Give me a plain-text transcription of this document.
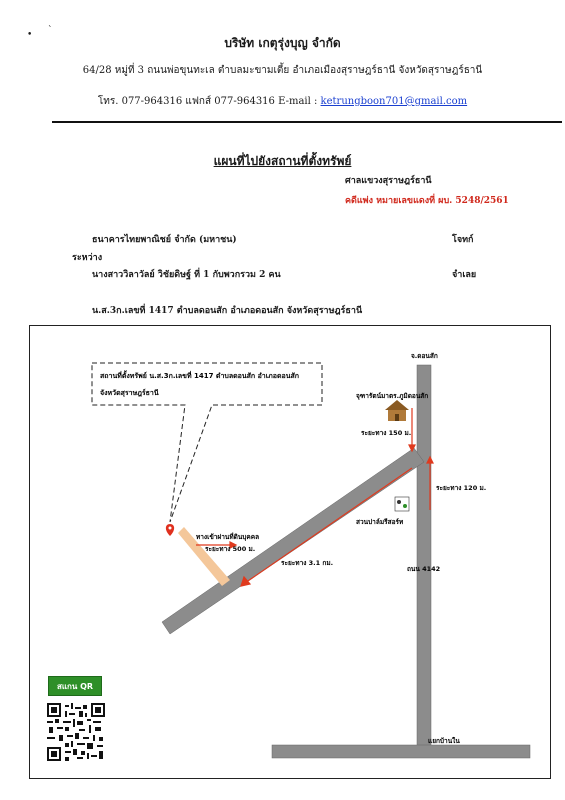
บริษัท เกตุรุ่งบุญ จำกัด
64/28 หมู่ที่ 3 ถนนพ่อขุนทะเล ตำบลมะขามเตี้ย อำเภอเมืองสุราษฎร์ธานี จังหวัดสุราษฎร์ธานี
โทร. 077-964316 แฟกส์ 077-964316 E-mail : ketrungboon701@gmail.com
• ˋ
แผนที่ไปยังสถานที่ตั้งทรัพย์
ศาลแขวงสุราษฎร์ธานี
คดีแพ่ง หมายเลขแดงที่ ผบ. 5248/2561
ธนาคารไทยพาณิชย์ จำกัด (มหาชน)	โจทก์
ระหว่าง
นางสาววิลาวัลย์ วิชัยดิษฐ์ ที่ 1 กับพวกรวม 2 คน	จำเลย
น.ส.3ก.เลขที่ 1417 ตำบลดอนสัก อำเภอดอนสัก จังหวัดสุราษฎร์ธานี
สถานที่ตั้งทรัพย์ น.ส.3ก.เลขที่ 1417 ตำบลดอนสัก อำเภอดอนสัก
จังหวัดสุราษฎร์ธานี
จ.ดอนสัก
จุฑารัตน์มาตร.ภูมิดอนสัก
ระยะทาง 150 ม.
ระยะทาง 120 ม.
สวนปาล์มรีสอร์ท
ทางเข้าผ่านที่ดินบุคคล
ระยะทาง 500 ม.
ระยะทาง 3.1 กม.
ถนน 4142
แยกบ้านใน
สแกน QR
